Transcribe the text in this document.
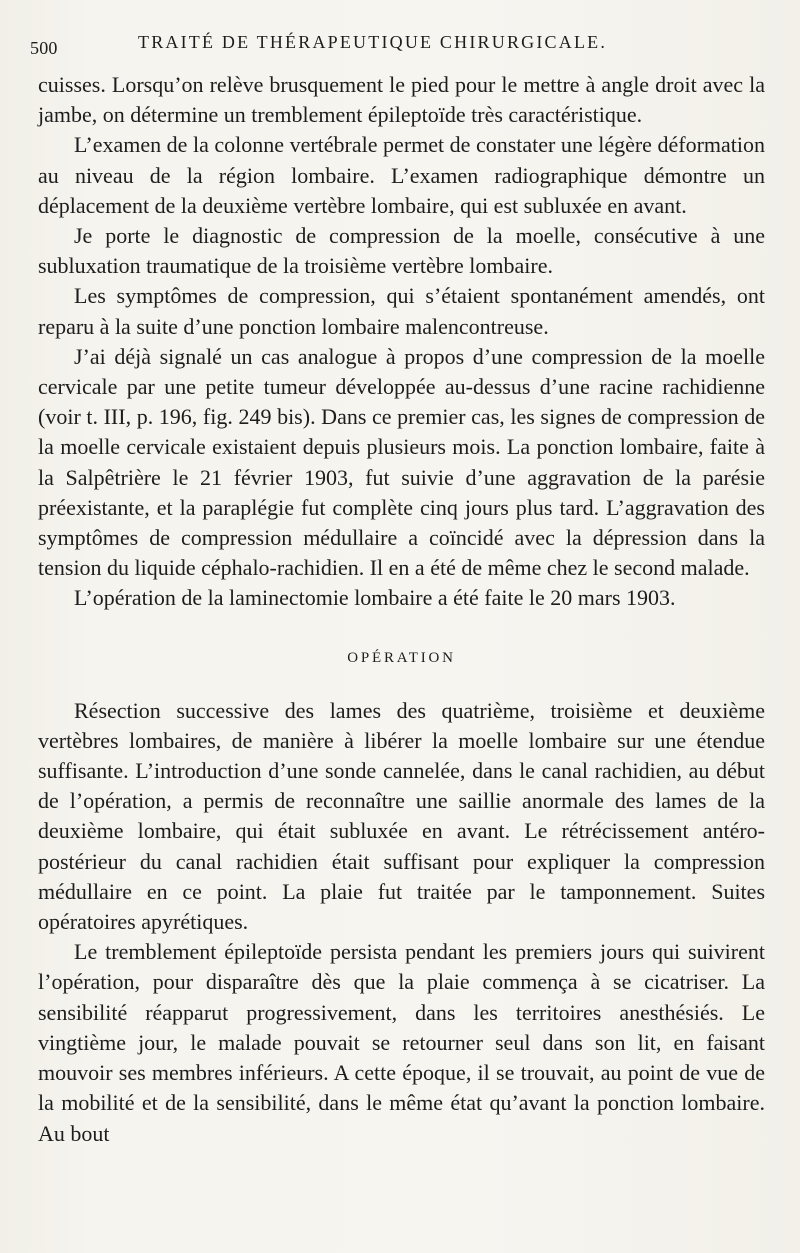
500	TRAITÉ DE THÉRAPEUTIQUE CHIRURGICALE.

cuisses. Lorsqu’on relève brusquement le pied pour le mettre à angle droit avec la jambe, on détermine un tremblement épileptoïde très caractéristique.

L’examen de la colonne vertébrale permet de constater une légère déformation au niveau de la région lombaire. L’examen radiographique démontre un déplacement de la deuxième vertèbre lombaire, qui est subluxée en avant.

Je porte le diagnostic de compression de la moelle, consécutive à une subluxation traumatique de la troisième vertèbre lombaire.

Les symptômes de compression, qui s’étaient spontanément amendés, ont reparu à la suite d’une ponction lombaire malencontreuse.

J’ai déjà signalé un cas analogue à propos d’une compression de la moelle cervicale par une petite tumeur développée au-dessus d’une racine rachidienne (voir t. III, p. 196, fig. 249 bis). Dans ce premier cas, les signes de compression de la moelle cervicale existaient depuis plusieurs mois. La ponction lombaire, faite à la Salpêtrière le 21 février 1903, fut suivie d’une aggravation de la parésie préexistante, et la paraplégie fut complète cinq jours plus tard. L’aggravation des symptômes de compression médullaire a coïncidé avec la dépression dans la tension du liquide céphalo-rachidien. Il en a été de même chez le second malade.

L’opération de la laminectomie lombaire a été faite le 20 mars 1903.

OPÉRATION

Résection successive des lames des quatrième, troisième et deuxième vertèbres lombaires, de manière à libérer la moelle lombaire sur une étendue suffisante. L’introduction d’une sonde cannelée, dans le canal rachidien, au début de l’opération, a permis de reconnaître une saillie anormale des lames de la deuxième lombaire, qui était subluxée en avant. Le rétrécissement antéro-postérieur du canal rachidien était suffisant pour expliquer la compression médullaire en ce point. La plaie fut traitée par le tamponnement. Suites opératoires apyrétiques.

Le tremblement épileptoïde persista pendant les premiers jours qui suivirent l’opération, pour disparaître dès que la plaie commença à se cicatriser. La sensibilité réapparut progressivement, dans les territoires anesthésiés. Le vingtième jour, le malade pouvait se retourner seul dans son lit, en faisant mouvoir ses membres inférieurs. A cette époque, il se trouvait, au point de vue de la mobilité et de la sensibilité, dans le même état qu’avant la ponction lombaire. Au bout
